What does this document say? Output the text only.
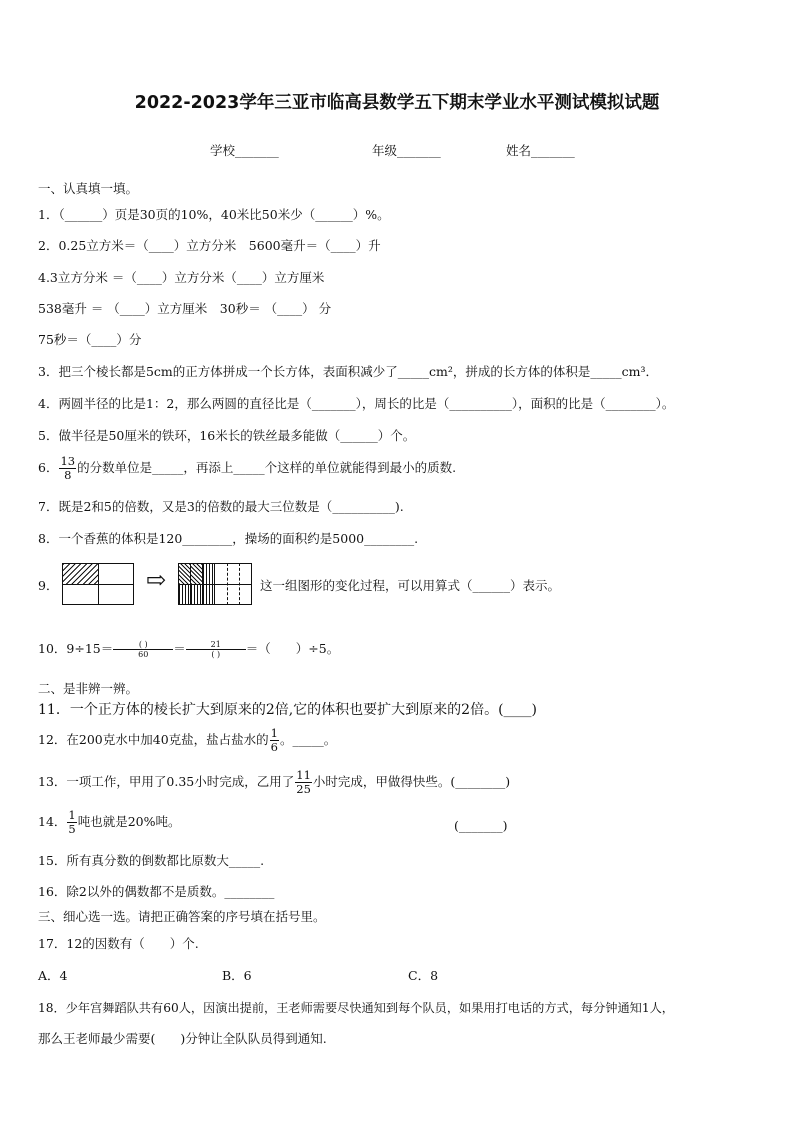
2022-2023学年三亚市临高县数学五下期末学业水平测试模拟试题
学校_______	年级_______	姓名_______
一、认真填一填。
1．（______）页是30页的10%，40米比50米少（______）%。
2．0.25立方米＝（____）立方分米　5600毫升＝（____）升
4.3立方分米 ＝（____）立方分米（____）立方厘米
538毫升 ＝ （____）立方厘米　30秒＝ （____） 分
75秒＝（____）分
3．把三个棱长都是5cm的正方体拼成一个长方体，表面积减少了_____cm²，拼成的长方体的体积是_____cm³．
4．两圆半径的比是1：2，那么两圆的直径比是（_______），周长的比是（__________），面积的比是（________）。
5．做半径是50厘米的铁环，16米长的铁丝最多能做（______）个。
6． $\frac{13}{8}$ 的分数单位是_____，再添上_____个这样的单位就能得到最小的质数.
7．既是2和5的倍数，又是3的倍数的最大三位数是（__________).
8．一个香蕉的体积是120________，操场的面积约是5000________.
9．	⇨	这一组图形的变化过程，可以用算式（______）表示。
10．$9\div 15= \frac{( )}{60} = \frac{21}{( )}$ ＝（　　）÷5。
二、是非辨一辨。
11．一个正方体的棱长扩大到原来的2倍,它的体积也要扩大到原来的2倍。(____)
12．在200克水中加40克盐，盐占盐水的 $\frac{1}{6}$ 。_____。
13．一项工作，甲用了0.35小时完成，乙用了 $\frac{11}{25}$ 小时完成，甲做得快些。(________)
14． $\frac{1}{5}$ 吨也就是20%吨。	(_______)
15．所有真分数的倒数都比原数大_____.
16．除2以外的偶数都不是质数。________
三、细心选一选。请把正确答案的序号填在括号里。
17．12的因数有（　　）个.
A．4	B．6	C．8
18．少年宫舞蹈队共有60人，因演出提前，王老师需要尽快通知到每个队员，如果用打电话的方式，每分钟通知1人，
那么王老师最少需要(　　)分钟让全队队员得到通知.
